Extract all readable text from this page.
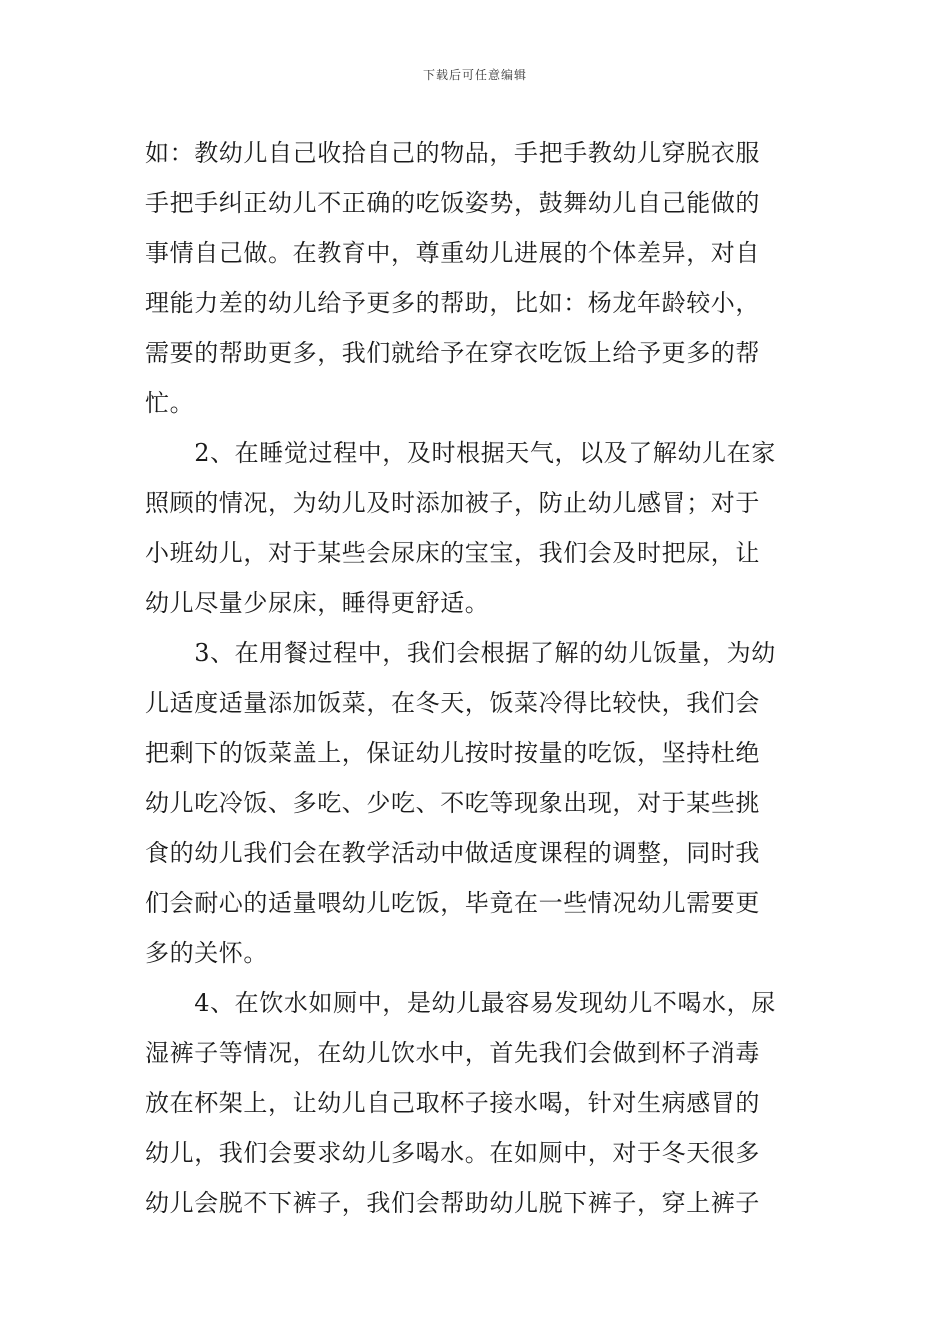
下载后可任意编辑
如：教幼儿自己收拾自己的物品，手把手教幼儿穿脱衣服
手把手纠正幼儿不正确的吃饭姿势，鼓舞幼儿自己能做的
事情自己做。在教育中，尊重幼儿进展的个体差异，对自
理能力差的幼儿给予更多的帮助，比如：杨龙年龄较小，
需要的帮助更多，我们就给予在穿衣吃饭上给予更多的帮
忙。
　　2、在睡觉过程中，及时根据天气，以及了解幼儿在家
照顾的情况，为幼儿及时添加被子，防止幼儿感冒；对于
小班幼儿，对于某些会尿床的宝宝，我们会及时把尿，让
幼儿尽量少尿床，睡得更舒适。
　　3、在用餐过程中，我们会根据了解的幼儿饭量，为幼
儿适度适量添加饭菜，在冬天，饭菜冷得比较快，我们会
把剩下的饭菜盖上，保证幼儿按时按量的吃饭，坚持杜绝
幼儿吃冷饭、多吃、少吃、不吃等现象出现，对于某些挑
食的幼儿我们会在教学活动中做适度课程的调整，同时我
们会耐心的适量喂幼儿吃饭，毕竟在一些情况幼儿需要更
多的关怀。
　　4、在饮水如厕中，是幼儿最容易发现幼儿不喝水，尿
湿裤子等情况，在幼儿饮水中，首先我们会做到杯子消毒
放在杯架上，让幼儿自己取杯子接水喝，针对生病感冒的
幼儿，我们会要求幼儿多喝水。在如厕中，对于冬天很多
幼儿会脱不下裤子，我们会帮助幼儿脱下裤子，穿上裤子
